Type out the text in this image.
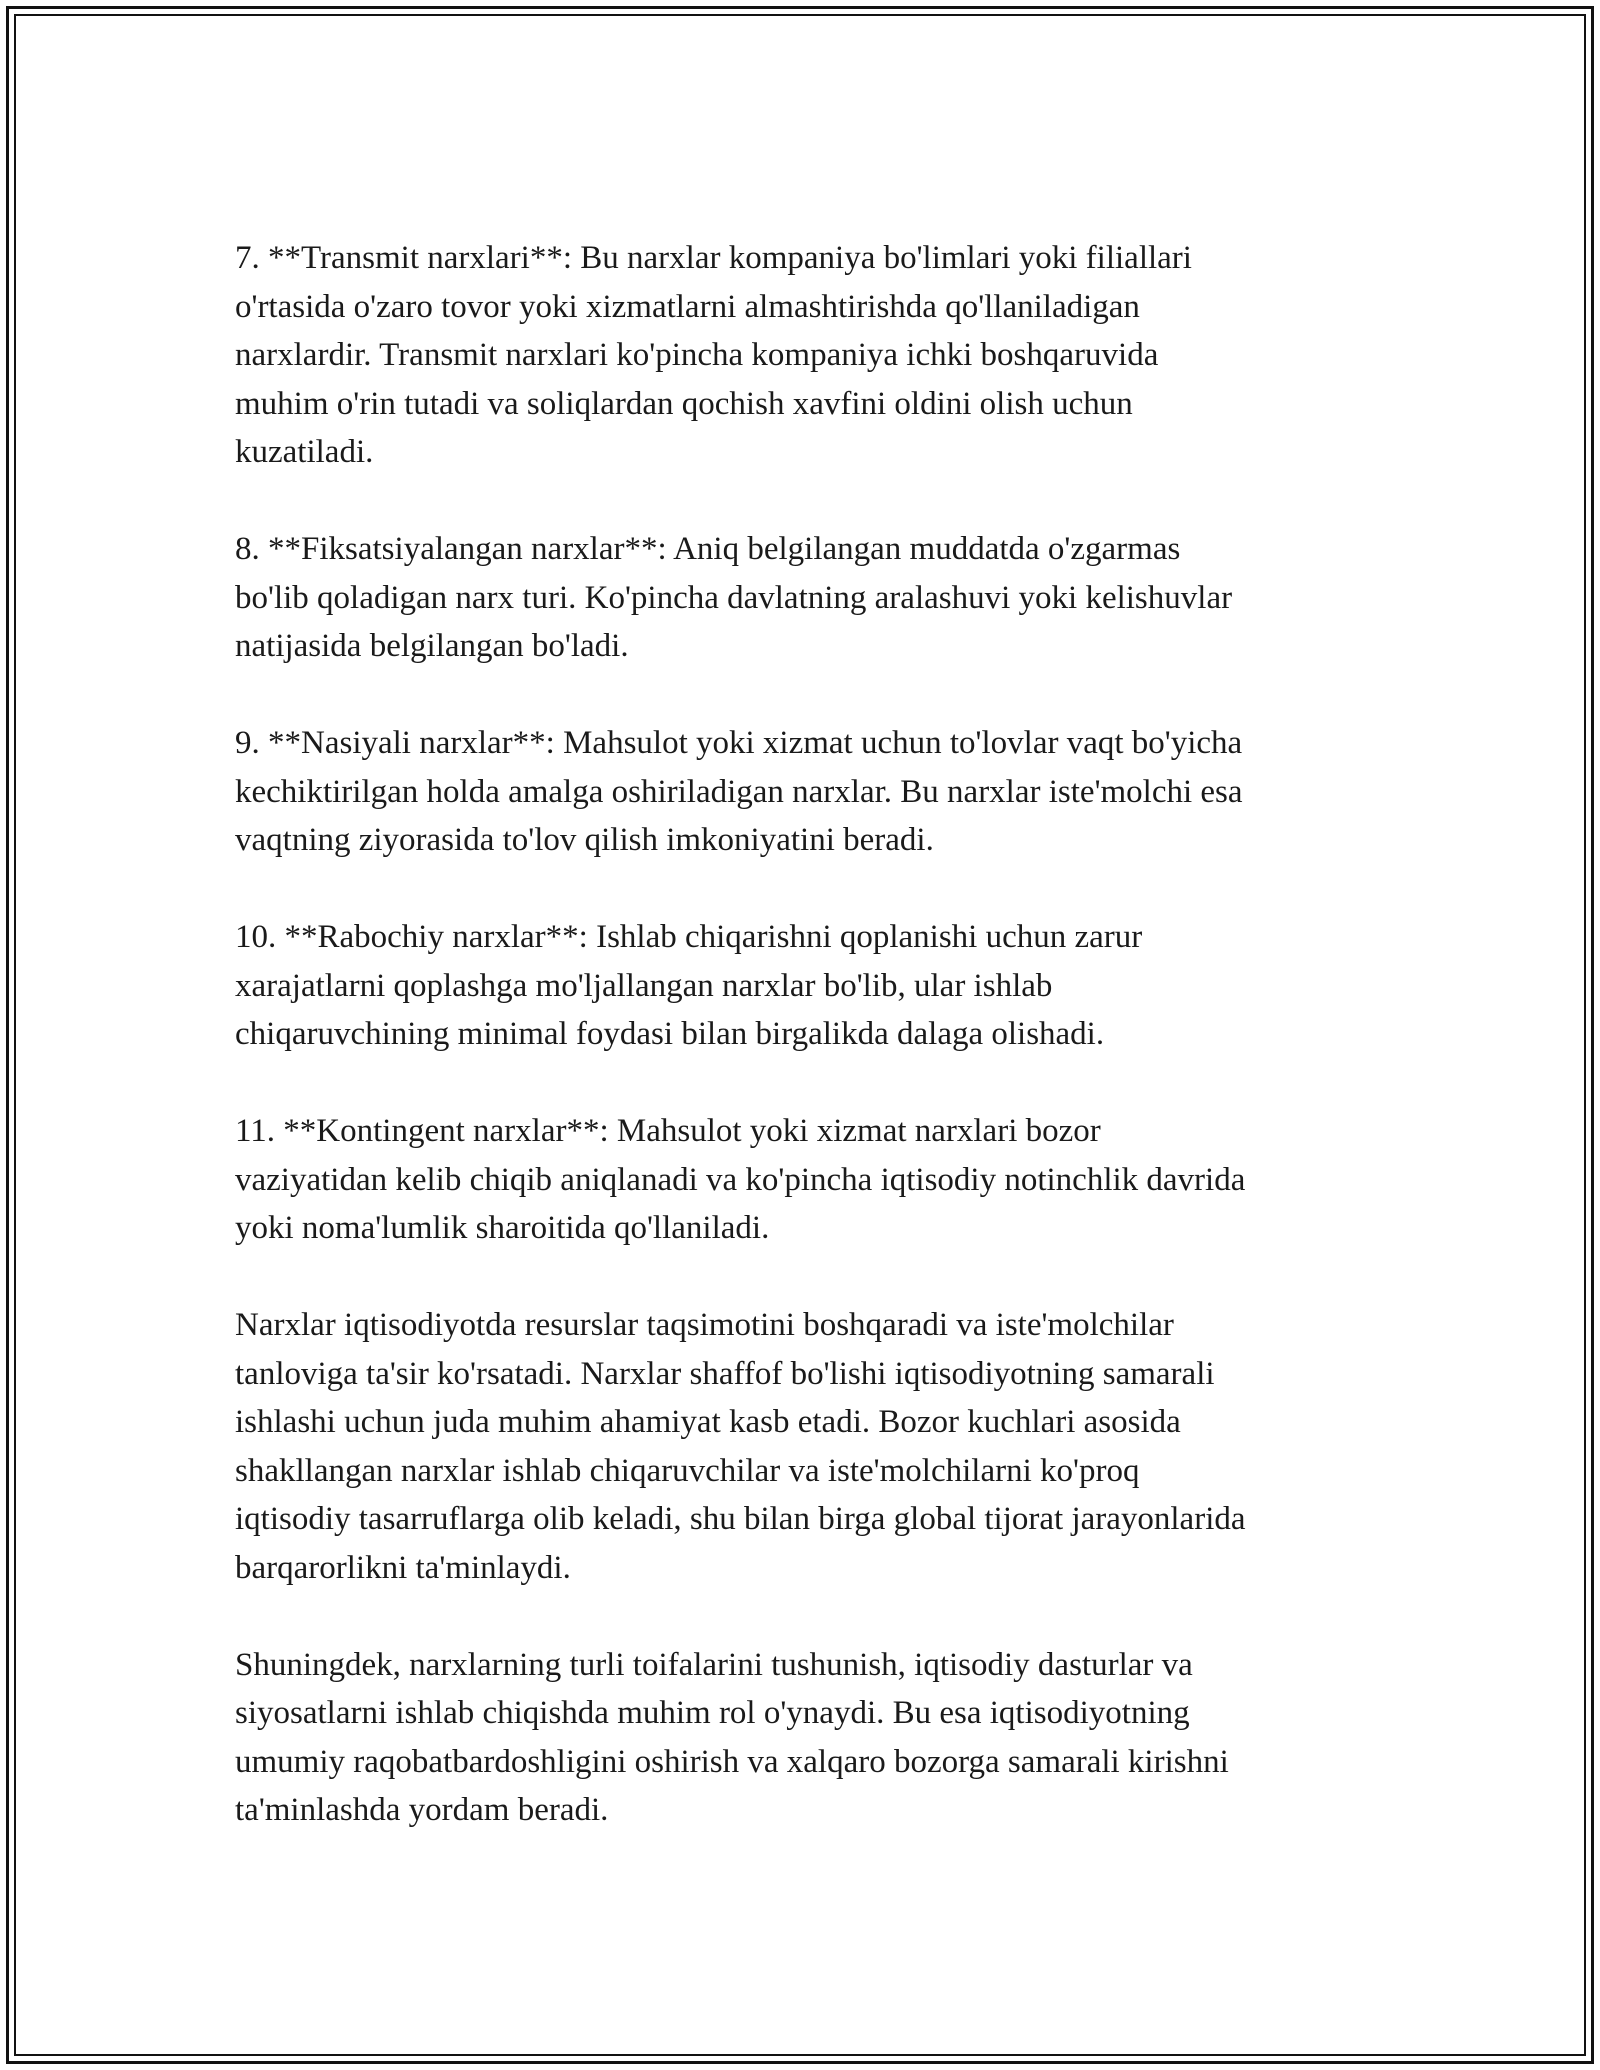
7. **Transmit narxlari**: Bu narxlar kompaniya bo'limlari yoki filiallari
o'rtasida o'zaro tovor yoki xizmatlarni almashtirishda qo'llaniladigan
narxlardir. Transmit narxlari ko'pincha kompaniya ichki boshqaruvida
muhim o'rin tutadi va soliqlardan qochish xavfini oldini olish uchun
kuzatiladi.

8. **Fiksatsiyalangan narxlar**: Aniq belgilangan muddatda o'zgarmas
bo'lib qoladigan narx turi. Ko'pincha davlatning aralashuvi yoki kelishuvlar
natijasida belgilangan bo'ladi.

9. **Nasiyali narxlar**: Mahsulot yoki xizmat uchun to'lovlar vaqt bo'yicha
kechiktirilgan holda amalga oshiriladigan narxlar. Bu narxlar iste'molchi esa
vaqtning ziyorasida to'lov qilish imkoniyatini beradi.

10. **Rabochiy narxlar**: Ishlab chiqarishni qoplanishi uchun zarur
xarajatlarni qoplashga mo'ljallangan narxlar bo'lib, ular ishlab
chiqaruvchining minimal foydasi bilan birgalikda dalaga olishadi.

11. **Kontingent narxlar**: Mahsulot yoki xizmat narxlari bozor
vaziyatidan kelib chiqib aniqlanadi va ko'pincha iqtisodiy notinchlik davrida
yoki noma'lumlik sharoitida qo'llaniladi.

Narxlar iqtisodiyotda resurslar taqsimotini boshqaradi va iste'molchilar
tanloviga ta'sir ko'rsatadi. Narxlar shaffof bo'lishi iqtisodiyotning samarali
ishlashi uchun juda muhim ahamiyat kasb etadi. Bozor kuchlari asosida
shakllangan narxlar ishlab chiqaruvchilar va iste'molchilarni ko'proq
iqtisodiy tasarruflarga olib keladi, shu bilan birga global tijorat jarayonlarida
barqarorlikni ta'minlaydi.

Shuningdek, narxlarning turli toifalarini tushunish, iqtisodiy dasturlar va
siyosatlarni ishlab chiqishda muhim rol o'ynaydi. Bu esa iqtisodiyotning
umumiy raqobatbardoshligini oshirish va xalqaro bozorga samarali kirishni
ta'minlashda yordam beradi.
